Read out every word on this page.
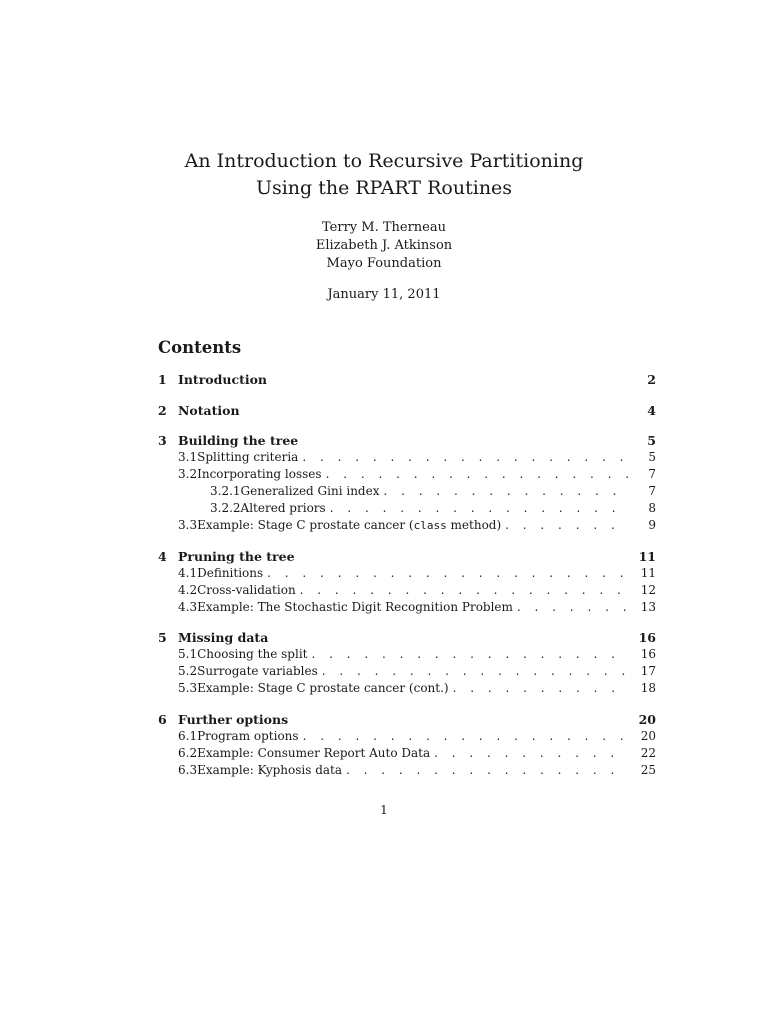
An Introduction to Recursive Partitioning
Using the RPART Routines
Terry M. Therneau
Elizabeth J. Atkinson
Mayo Foundation
January 11, 2011
Contents
1 Introduction	2
2 Notation	4
3 Building the tree	5
3.1 Splitting criteria . . .	5
3.2 Incorporating losses . . .	7
3.2.1 Generalized Gini index . . .	7
3.2.2 Altered priors . . .	8
3.3 Example: Stage C prostate cancer (class method) . . .	9
4 Pruning the tree	11
4.1 Definitions . . .	11
4.2 Cross-validation . . .	12
4.3 Example: The Stochastic Digit Recognition Problem . . .	13
5 Missing data	16
5.1 Choosing the split . . .	16
5.2 Surrogate variables . . .	17
5.3 Example: Stage C prostate cancer (cont.) . . .	18
6 Further options	20
6.1 Program options . . .	20
6.2 Example: Consumer Report Auto Data . . .	22
6.3 Example: Kyphosis data . . .	25
1
